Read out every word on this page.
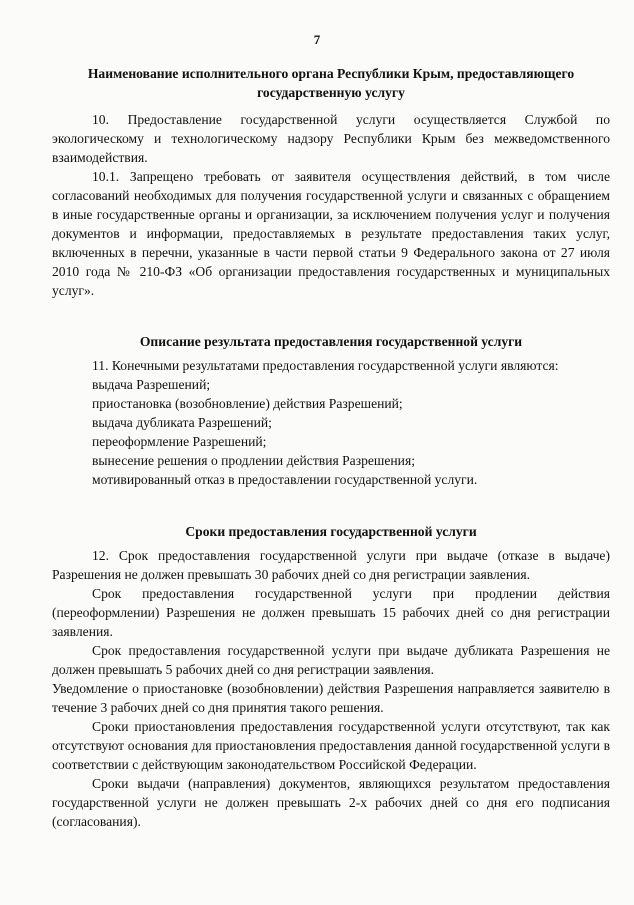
7
Наименование исполнительного органа Республики Крым, предоставляющего государственную услугу

10. Предоставление государственной услуги осуществляется Службой по экологическому и технологическому надзору Республики Крым без межведомственного взаимодействия.

10.1. Запрещено требовать от заявителя осуществления действий, в том числе согласований необходимых для получения государственной услуги и связанных с обращением в иные государственные органы и организации, за исключением получения услуг и получения документов и информации, предоставляемых в результате предоставления таких услуг, включенных в перечни, указанные в части первой статьи 9 Федерального закона от 27 июля 2010 года № 210-ФЗ «Об организации предоставления государственных и муниципальных услуг».

Описание результата предоставления государственной услуги

11. Конечными результатами предоставления государственной услуги являются:

выдача Разрешений;
приостановка (возобновление) действия Разрешений;
выдача дубликата Разрешений;
переоформление Разрешений;
вынесение решения о продлении действия Разрешения;
мотивированный отказ в предоставлении государственной услуги.
Сроки предоставления государственной услуги

12. Срок предоставления государственной услуги при выдаче (отказе в выдаче) Разрешения не должен превышать 30 рабочих дней со дня регистрации заявления.

Срок предоставления государственной услуги при продлении действия (переоформлении) Разрешения не должен превышать 15 рабочих дней со дня регистрации заявления.

Срок предоставления государственной услуги при выдаче дубликата Разрешения не должен превышать 5 рабочих дней со дня регистрации заявления.

Уведомление о приостановке (возобновлении) действия Разрешения направляется заявителю в течение 3 рабочих дней со дня принятия такого решения.

Сроки приостановления предоставления государственной услуги отсутствуют, так как отсутствуют основания для приостановления предоставления данной государственной услуги в соответствии с действующим законодательством Российской Федерации.

Сроки выдачи (направления) документов, являющихся результатом предоставления государственной услуги не должен превышать 2-х рабочих дней со дня его подписания (согласования).
